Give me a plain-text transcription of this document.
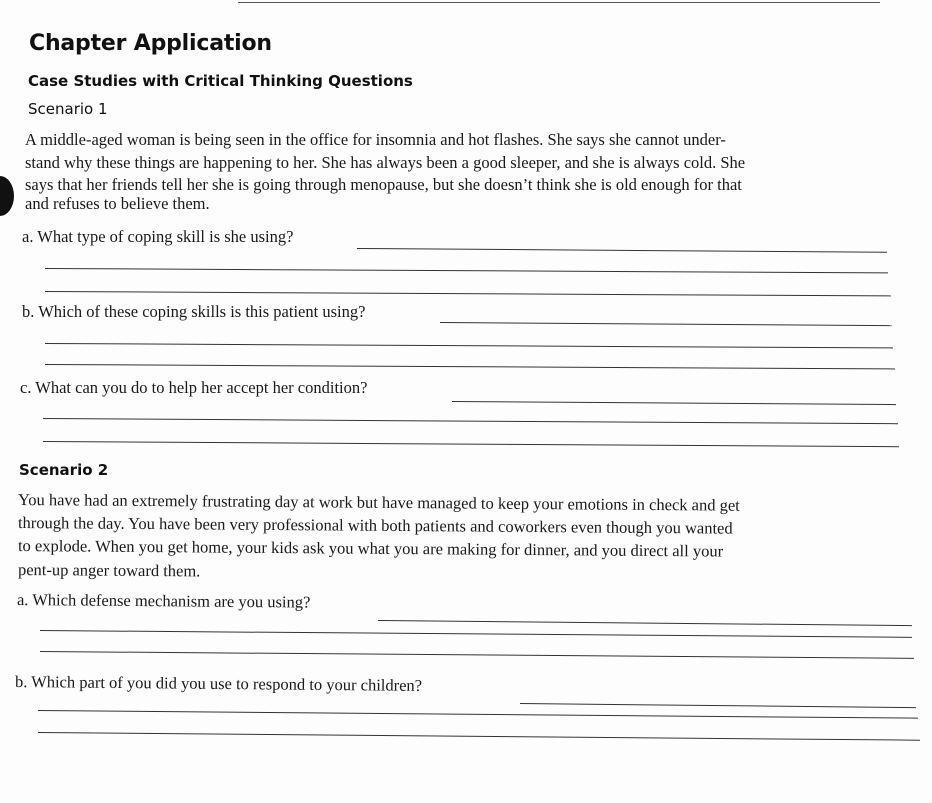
Chapter Application
Case Studies with Critical Thinking Questions
Scenario 1
A middle-aged woman is being seen in the office for insomnia and hot flashes. She says she cannot under-
stand why these things are happening to her. She has always been a good sleeper, and she is always cold. She
says that her friends tell her she is going through menopause, but she doesn’t think she is old enough for that
and refuses to believe them.
a. What type of coping skill is she using?
b. Which of these coping skills is this patient using?
c. What can you do to help her accept her condition?
Scenario 2
You have had an extremely frustrating day at work but have managed to keep your emotions in check and get
through the day. You have been very professional with both patients and coworkers even though you wanted
to explode. When you get home, your kids ask you what you are making for dinner, and you direct all your
pent-up anger toward them.
a. Which defense mechanism are you using?
b. Which part of you did you use to respond to your children?
